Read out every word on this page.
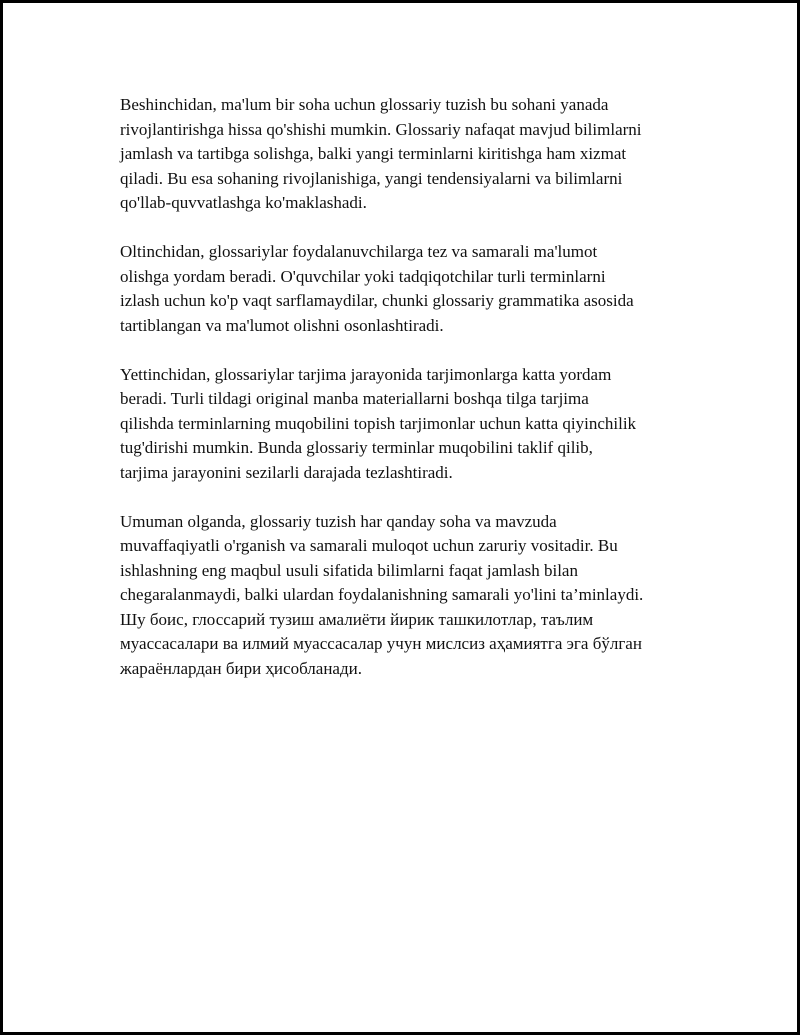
Beshinchidan, ma'lum bir soha uchun glossariy tuzish bu sohani yanada
rivojlantirishga hissa qo'shishi mumkin. Glossariy nafaqat mavjud bilimlarni
jamlash va tartibga solishga, balki yangi terminlarni kiritishga ham xizmat
qiladi. Bu esa sohaning rivojlanishiga, yangi tendensiyalarni va bilimlarni
qo'llab-quvvatlashga ko'maklashadi.

Oltinchidan, glossariylar foydalanuvchilarga tez va samarali ma'lumot
olishga yordam beradi. O'quvchilar yoki tadqiqotchilar turli terminlarni
izlash uchun ko'p vaqt sarflamaydilar, chunki glossariy grammatika asosida
tartiblangan va ma'lumot olishni osonlashtiradi.

Yettinchidan, glossariylar tarjima jarayonida tarjimonlarga katta yordam
beradi. Turli tildagi original manba materiallarni boshqa tilga tarjima
qilishda terminlarning muqobilini topish tarjimonlar uchun katta qiyinchilik
tug'dirishi mumkin. Bunda glossariy terminlar muqobilini taklif qilib,
tarjima jarayonini sezilarli darajada tezlashtiradi.

Umuman olganda, glossariy tuzish har qanday soha va mavzuda
muvaffaqiyatli o'rganish va samarali muloqot uchun zaruriy vositadir. Bu
ishlashning eng maqbul usuli sifatida bilimlarni faqat jamlash bilan
chegaralanmaydi, balki ulardan foydalanishning samarali yo'lini ta’minlaydi.
Шу боис, глоссарий тузиш амалиёти йирик ташкилотлар, таълим
муассасалари ва илмий муассасалар учун мислсиз аҳамиятга эга бўлган
жараёнлардан бири ҳисобланади.
